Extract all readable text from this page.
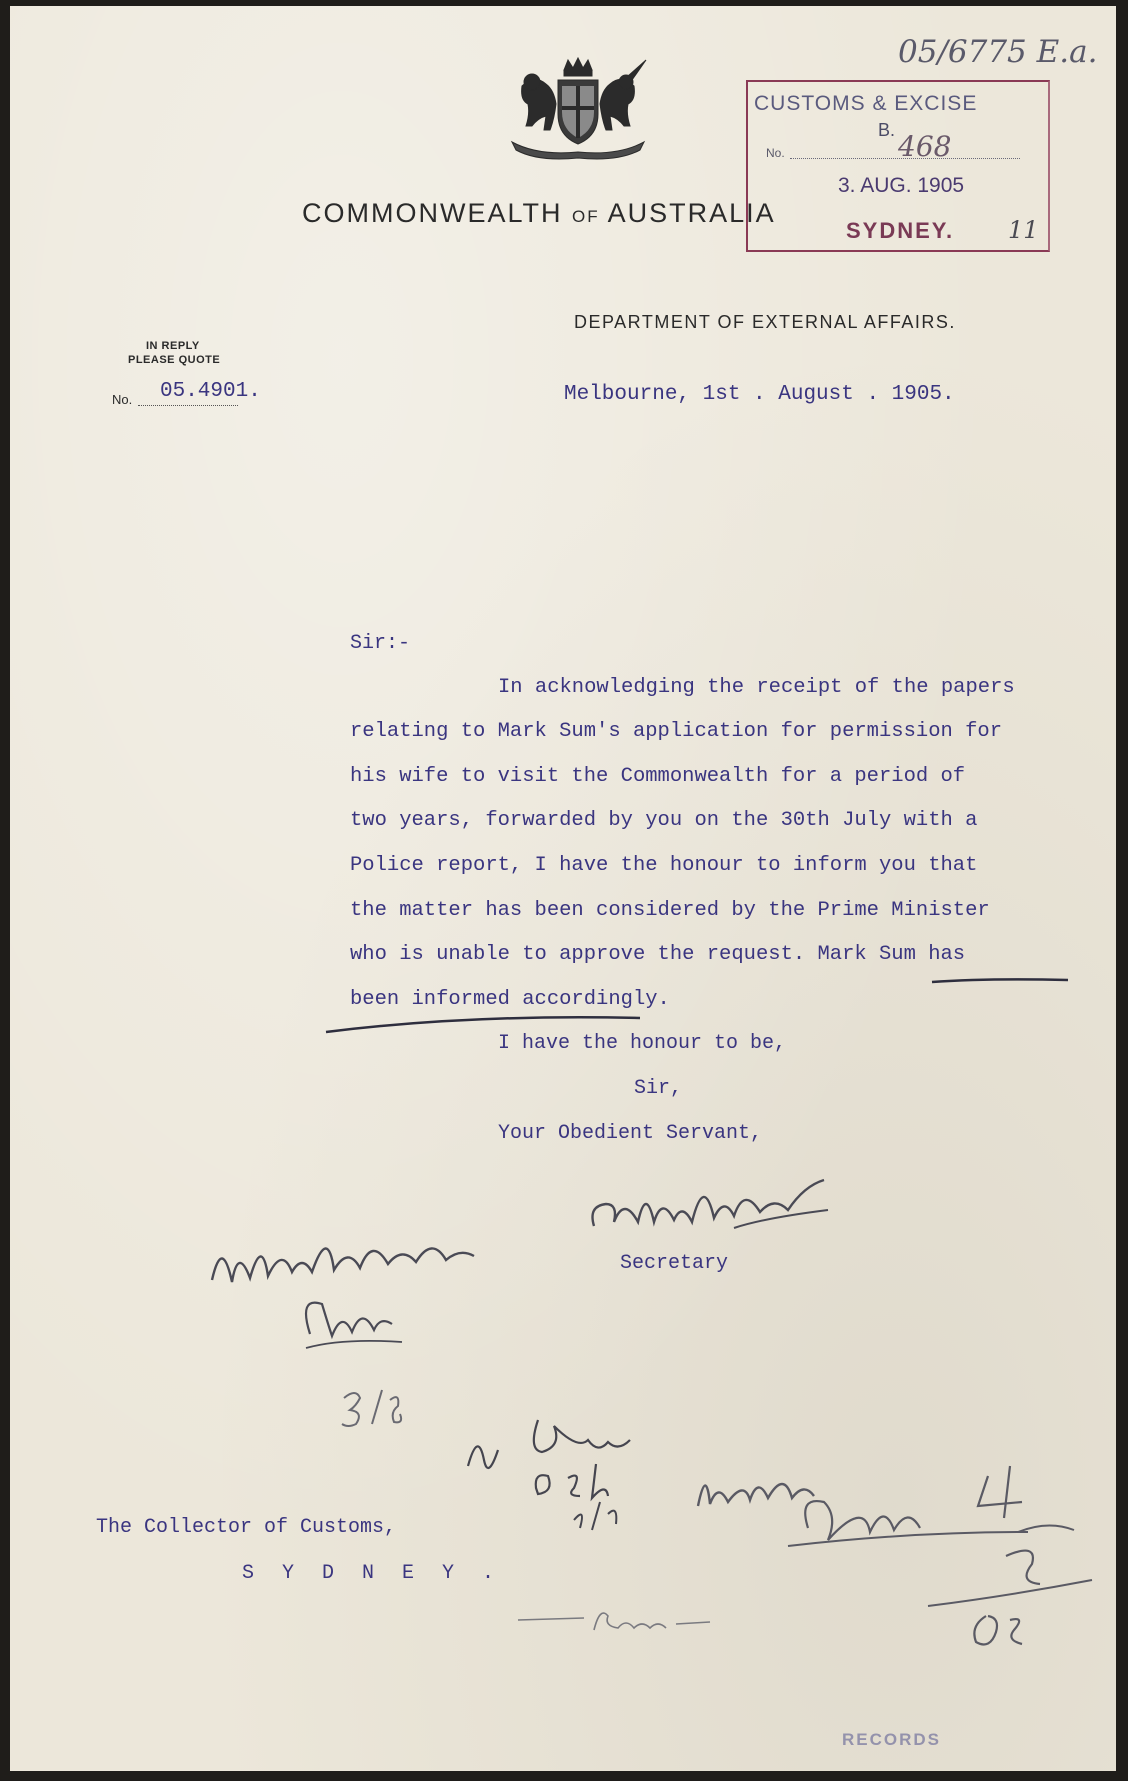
COMMONWEALTH OF AUSTRALIA
05/6775 E.a.
CUSTOMS & EXCISE
B.
No.	468
3. AUG. 1905
SYDNEY. 11
DEPARTMENT OF EXTERNAL AFFAIRS.
IN REPLY
PLEASE QUOTE
No. 05.4901.	Melbourne, 1st . August . 1905.
Sir:-
In acknowledging the receipt of the papers
relating to Mark Sum's application for permission for
his wife to visit the Commonwealth for a period of
two years, forwarded by you on the 30th July with a
Police report, I have the honour to inform you that
the matter has been considered by the Prime Minister
who is unable to approve the request. Mark Sum has
been informed accordingly.
I have the honour to be,
Sir,
Your Obedient Servant,
Secretary
The Collector of Customs,
S Y D N E Y .
RECORDS
